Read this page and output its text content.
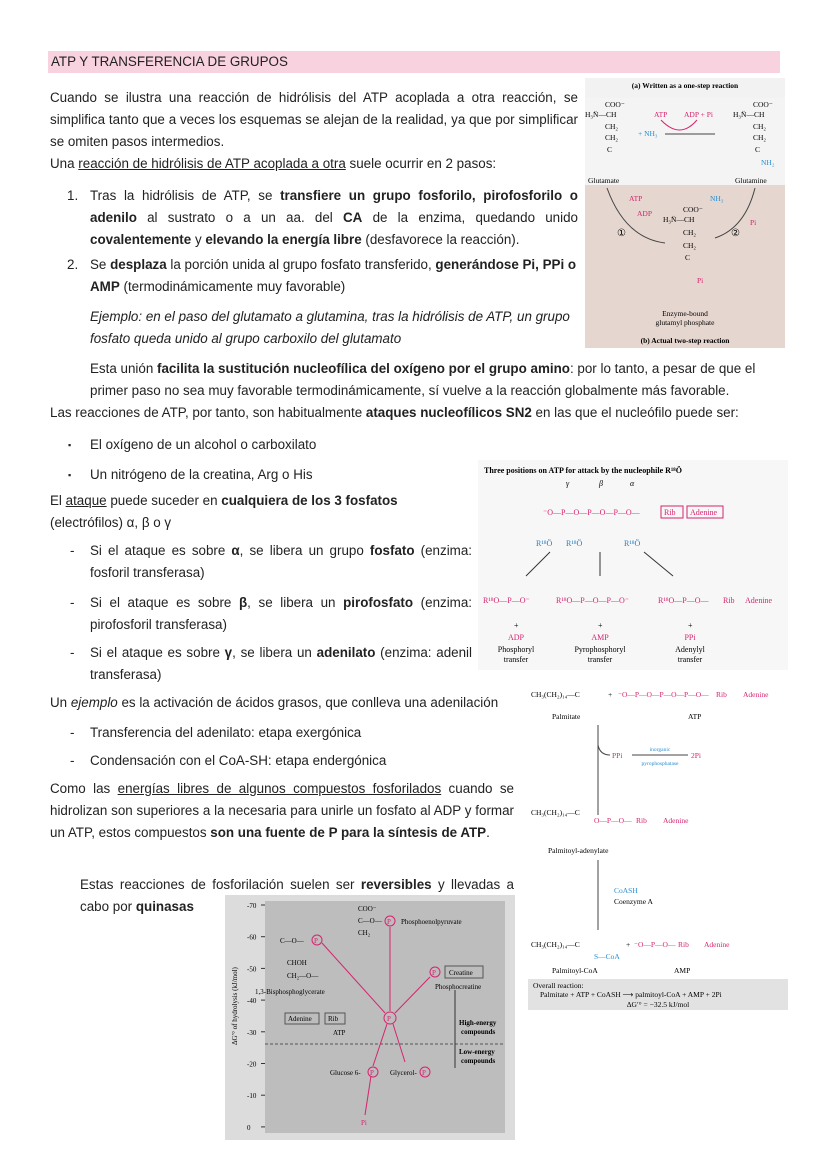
ATP Y TRANSFERENCIA DE GRUPOS
Cuando se ilustra una reacción de hidrólisis del ATP acoplada a otra reacción, se simplifica tanto que a veces los esquemas se alejan de la realidad, ya que por simplificar se omiten pasos intermedios.
Una reacción de hidrólisis de ATP acoplada a otra suele ocurrir en 2 pasos:
1. Tras la hidrólisis de ATP, se transfiere un grupo fosforilo, pirofosforilo o adenilo al sustrato o a un aa. del CA de la enzima, quedando unido covalentemente y elevando la energía libre (desfavorece la reacción).
2. Se desplaza la porción unida al grupo fosfato transferido, generándose Pi, PPi o AMP (termodinámicamente muy favorable)
Ejemplo: en el paso del glutamato a glutamina, tras la hidrólisis de ATP, un grupo fosfato queda unido al grupo carboxilo del glutamato
Esta unión facilita la sustitución nucleofílica del oxígeno por el grupo amino: por lo tanto, a pesar de que el primer paso no sea muy favorable termodinámicamente, sí vuelve a la reacción globalmente más favorable.
Las reacciones de ATP, por tanto, son habitualmente ataques nucleofílicos SN2 en las que el nucleófilo puede ser:
▪ El oxígeno de un alcohol o carboxilato
▪ Un nitrógeno de la creatina, Arg o His
El ataque puede suceder en cualquiera de los 3 fosfatos (electrófilos) α, β o γ
- Si el ataque es sobre α, se libera un grupo fosfato (enzima: fosforil transferasa)
- Si el ataque es sobre β, se libera un pirofosfato (enzima: pirofosforil transferasa)
- Si el ataque es sobre γ, se libera un adenilato (enzima: adenil transferasa)
Un ejemplo es la activación de ácidos grasos, que conlleva una adenilación
- Transferencia del adenilato: etapa exergónica
- Condensación con el CoA-SH: etapa endergónica
Como las energías libres de algunos compuestos fosforilados cuando se hidrolizan son superiores a la necesaria para unirle un fosfato al ADP y formar un ATP, estos compuestos son una fuente de P para la síntesis de ATP.
Estas reacciones de fosforilación suelen ser reversibles y llevadas a cabo por quinasas
(a) Written as a one-step reaction
COO⁻
H₃N̈—CH
CH₂
CH₂
C
Glutamate
ATP ADP + Pi
+ NH₃
COO⁻
H₃N̈—CH
CH₂
CH₂
C
NH₂
Glutamine
ATP
ADP
NH₃
Pi
①	②
COO⁻
H₃N̈—CH
CH₂
CH₂
C
Pi
Enzyme-bound
glutamyl phosphate
(b) Actual two-step reaction
Three positions on ATP for attack by the nucleophile R¹⁸Ö
γ	β	α
⁻O—P—O—P—O—P—O—	Rib Adenine
R¹⁸Ö R¹⁸Ö	R¹⁸Ö
R¹⁸O—P—O⁻	R¹⁸O—P—O—P—O⁻	R¹⁸O—P—O— Rib Adenine
+	+	+
ADP	AMP	PPi
Phosphoryl	Pyrophosphoryl	Adenylyl
transfer	transfer	transfer
CH₃(CH₂)₁₄—C
Palmitate
+ ⁻O—P—O—P—O—P—O— Rib Adenine
ATP
PPi	2Pi
inorganic
pyrophosphatase
CH₃(CH₂)₁₄—C
O—P—O— Rib Adenine
Palmitoyl-adenylate
CoASH
Coenzyme A
CH₃(CH₂)₁₄—C
S—CoA
+ ⁻O—P—O— Rib Adenine
Palmitoyl-CoA	AMP
Overall reaction:
Palmitate + ATP + CoASH ⟶ palmitoyl-CoA + AMP + 2Pi
ΔG′° = −32.5 kJ/mol
ΔG′° of hydrolysis (kJ/mol)
-70
-60
-50
-40
-30
-20
-10
0
High-energy
compounds
Low-energy
compounds
COO⁻
C—O—
CH₂
P Phosphoenolpyruvate
C—O— P
CHOH
CH₂—O—
1,3-Bisphosphoglycerate
P Creatine
Phosphocreatine
Adenine Rib	P
ATP
Glucose 6- P Glycerol- P
Pi
